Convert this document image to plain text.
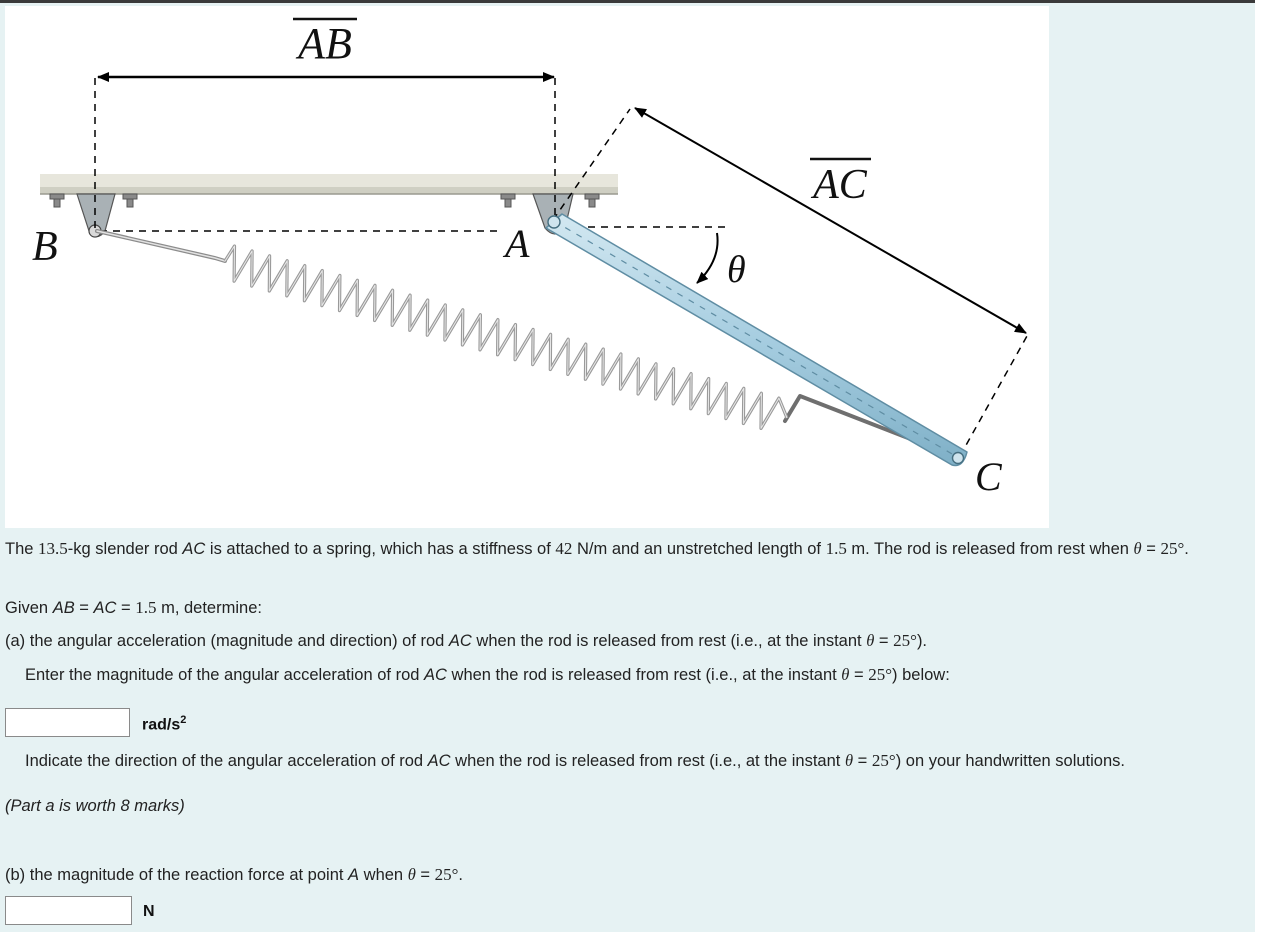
AB
AC
B	A
C
θ
The 13.5-kg slender rod AC is attached to a spring, which has a stiffness of 42 N/m and an unstretched length of 1.5 m. The rod is released from rest when θ = 25°.
Given AB = AC = 1.5 m, determine:
(a) the angular acceleration (magnitude and direction) of rod AC when the rod is released from rest (i.e., at the instant θ = 25°).
Enter the magnitude of the angular acceleration of rod AC when the rod is released from rest (i.e., at the instant θ = 25°) below:
rad/$s^2$
Indicate the direction of the angular acceleration of rod AC when the rod is released from rest (i.e., at the instant θ = 25°) on your handwritten solutions.
(Part a is worth 8 marks)
(b) the magnitude of the reaction force at point A when θ = 25°.
N
